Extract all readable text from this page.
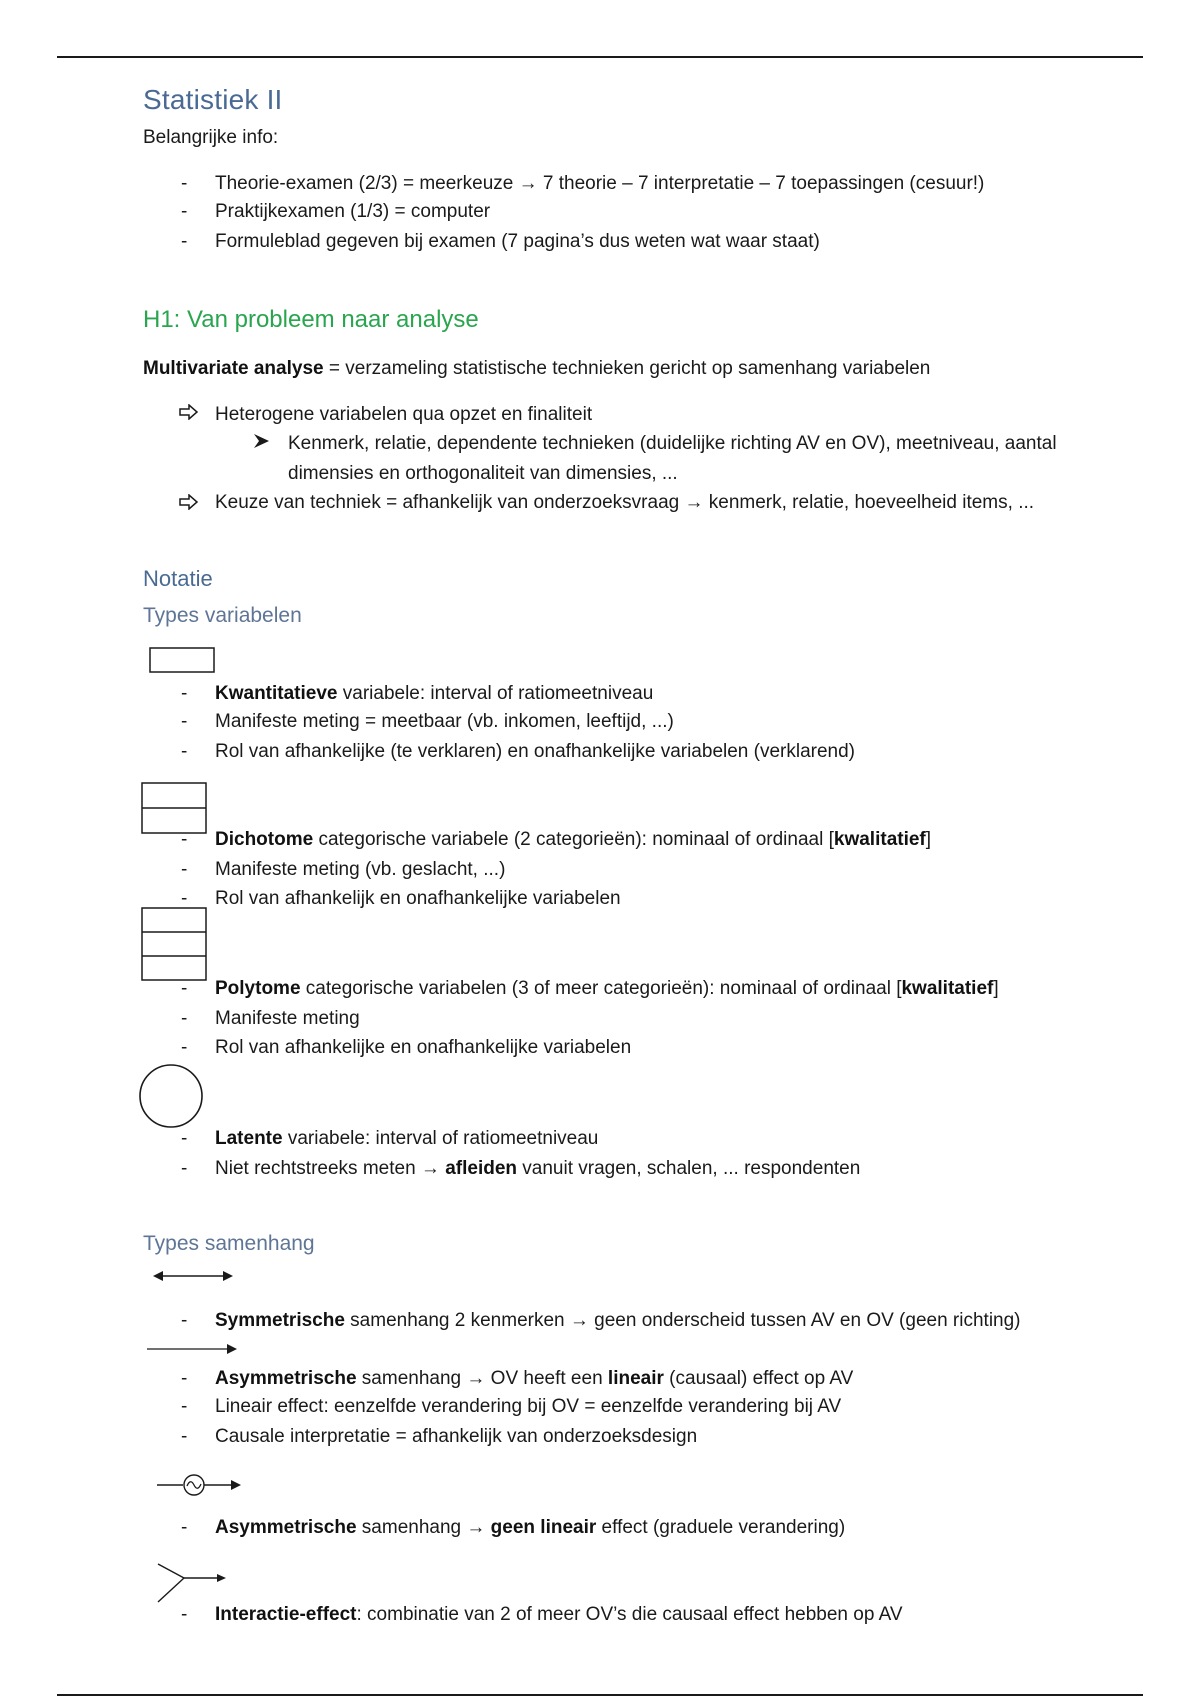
Statistiek II
Belangrijke info:
- Theorie-examen (2/3) = meerkeuze → 7 theorie – 7 interpretatie – 7 toepassingen (cesuur!)
- Praktijkexamen (1/3) = computer
- Formuleblad gegeven bij examen (7 pagina’s dus weten wat waar staat)
H1: Van probleem naar analyse
Multivariate analyse = verzameling statistische technieken gericht op samenhang variabelen
Heterogene variabelen qua opzet en finaliteit
Kenmerk, relatie, dependente technieken (duidelijke richting AV en OV), meetniveau, aantal
dimensies en orthogonaliteit van dimensies, ...
Keuze van techniek = afhankelijk van onderzoeksvraag → kenmerk, relatie, hoeveelheid items, ...
Notatie
Types variabelen
- Kwantitatieve variabele: interval of ratiomeetniveau
- Manifeste meting = meetbaar (vb. inkomen, leeftijd, ...)
- Rol van afhankelijke (te verklaren) en onafhankelijke variabelen (verklarend)
- Dichotome categorische variabele (2 categorieën): nominaal of ordinaal [kwalitatief]
- Manifeste meting (vb. geslacht, ...)
- Rol van afhankelijk en onafhankelijke variabelen
- Polytome categorische variabelen (3 of meer categorieën): nominaal of ordinaal [kwalitatief]
- Manifeste meting
- Rol van afhankelijke en onafhankelijke variabelen
- Latente variabele: interval of ratiomeetniveau
- Niet rechtstreeks meten → afleiden vanuit vragen, schalen, ... respondenten
Types samenhang
- Symmetrische samenhang 2 kenmerken → geen onderscheid tussen AV en OV (geen richting)
- Asymmetrische samenhang → OV heeft een lineair (causaal) effect op AV
- Lineair effect: eenzelfde verandering bij OV = eenzelfde verandering bij AV
- Causale interpretatie = afhankelijk van onderzoeksdesign
- Asymmetrische samenhang → geen lineair effect (graduele verandering)
- Interactie-effect: combinatie van 2 of meer OV’s die causaal effect hebben op AV
